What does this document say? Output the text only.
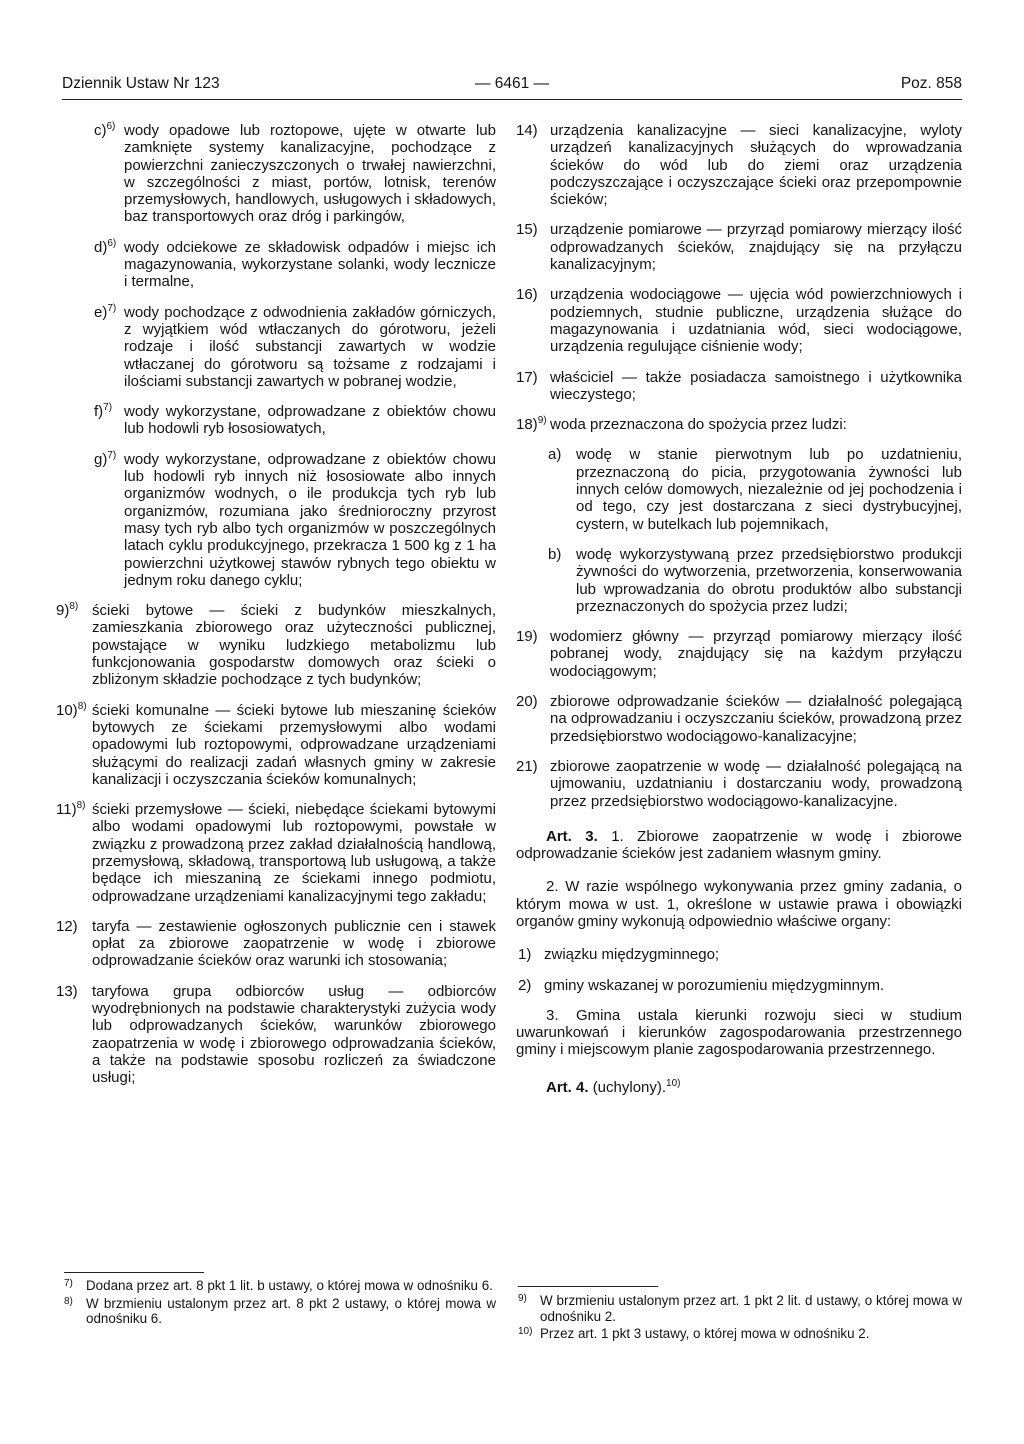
Dziennik Ustaw Nr 123	— 6461 —	Poz. 858
c)$^{6)}$ wody opadowe lub roztopowe, ujęte w otwarte lub zamknięte systemy kanalizacyjne, pochodzące z powierzchni zanieczyszczonych o trwałej nawierzchni, w szczególności z miast, portów, lotnisk, terenów przemysłowych, handlowych, usługowych i składowych, baz transportowych oraz dróg i parkingów,
d)$^{6)}$ wody odciekowe ze składowisk odpadów i miejsc ich magazynowania, wykorzystane solanki, wody lecznicze i termalne,
e)$^{7)}$ wody pochodzące z odwodnienia zakładów górniczych, z wyjątkiem wód wtłaczanych do górotworu, jeżeli rodzaje i ilość substancji zawartych w wodzie wtłaczanej do górotworu są tożsame z rodzajami i ilościami substancji zawartych w pobranej wodzie,
f)$^{7)}$ wody wykorzystane, odprowadzane z obiektów chowu lub hodowli ryb łososiowatych,
g)$^{7)}$ wody wykorzystane, odprowadzane z obiektów chowu lub hodowli ryb innych niż łososiowate albo innych organizmów wodnych, o ile produkcja tych ryb lub organizmów, rozumiana jako średnioroczny przyrost masy tych ryb albo tych organizmów w poszczególnych latach cyklu produkcyjnego, przekracza 1 500 kg z 1 ha powierzchni użytkowej stawów rybnych tego obiektu w jednym roku danego cyklu;
9)$^{8)}$ ścieki bytowe — ścieki z budynków mieszkalnych, zamieszkania zbiorowego oraz użyteczności publicznej, powstające w wyniku ludzkiego metabolizmu lub funkcjonowania gospodarstw domowych oraz ścieki o zbliżonym składzie pochodzące z tych budynków;
10)$^{8)}$ ścieki komunalne — ścieki bytowe lub mieszaninę ścieków bytowych ze ściekami przemysłowymi albo wodami opadowymi lub roztopowymi, odprowadzane urządzeniami służącymi do realizacji zadań własnych gminy w zakresie kanalizacji i oczyszczania ścieków komunalnych;
11)$^{8)}$ ścieki przemysłowe — ścieki, niebędące ściekami bytowymi albo wodami opadowymi lub roztopowymi, powstałe w związku z prowadzoną przez zakład działalnością handlową, przemysłową, składową, transportową lub usługową, a także będące ich mieszaniną ze ściekami innego podmiotu, odprowadzane urządzeniami kanalizacyjnymi tego zakładu;
12) taryfa — zestawienie ogłoszonych publicznie cen i stawek opłat za zbiorowe zaopatrzenie w wodę i zbiorowe odprowadzanie ścieków oraz warunki ich stosowania;
13) taryfowa grupa odbiorców usług — odbiorców wyodrębnionych na podstawie charakterystyki zużycia wody lub odprowadzanych ścieków, warunków zbiorowego zaopatrzenia w wodę i zbiorowego odprowadzania ścieków, a także na podstawie sposobu rozliczeń za świadczone usługi;
14) urządzenia kanalizacyjne — sieci kanalizacyjne, wyloty urządzeń kanalizacyjnych służących do wprowadzania ścieków do wód lub do ziemi oraz urządzenia podczyszczające i oczyszczające ścieki oraz przepompownie ścieków;
15) urządzenie pomiarowe — przyrząd pomiarowy mierzący ilość odprowadzanych ścieków, znajdujący się na przyłączu kanalizacyjnym;
16) urządzenia wodociągowe — ujęcia wód powierzchniowych i podziemnych, studnie publiczne, urządzenia służące do magazynowania i uzdatniania wód, sieci wodociągowe, urządzenia regulujące ciśnienie wody;
17) właściciel — także posiadacza samoistnego i użytkownika wieczystego;
18)$^{9)}$ woda przeznaczona do spożycia przez ludzi:
a) wodę w stanie pierwotnym lub po uzdatnieniu, przeznaczoną do picia, przygotowania żywności lub innych celów domowych, niezależnie od jej pochodzenia i od tego, czy jest dostarczana z sieci dystrybucyjnej, cystern, w butelkach lub pojemnikach,
b) wodę wykorzystywaną przez przedsiębiorstwo produkcji żywności do wytworzenia, przetworzenia, konserwowania lub wprowadzania do obrotu produktów albo substancji przeznaczonych do spożycia przez ludzi;
19) wodomierz główny — przyrząd pomiarowy mierzący ilość pobranej wody, znajdujący się na każdym przyłączu wodociągowym;
20) zbiorowe odprowadzanie ścieków — działalność polegającą na odprowadzaniu i oczyszczaniu ścieków, prowadzoną przez przedsiębiorstwo wodociągowo-kanalizacyjne;
21) zbiorowe zaopatrzenie w wodę — działalność polegającą na ujmowaniu, uzdatnianiu i dostarczaniu wody, prowadzoną przez przedsiębiorstwo wodociągowo-kanalizacyjne.

Art. 3. 1. Zbiorowe zaopatrzenie w wodę i zbiorowe odprowadzanie ścieków jest zadaniem własnym gminy.

2. W razie wspólnego wykonywania przez gminy zadania, o którym mowa w ust. 1, określone w ustawie prawa i obowiązki organów gminy wykonują odpowiednio właściwe organy:

1) związku międzygminnego;
2) gminy wskazanej w porozumieniu międzygminnym.

3. Gmina ustala kierunki rozwoju sieci w studium uwarunkowań i kierunków zagospodarowania przestrzennego gminy i miejscowym planie zagospodarowania przestrzennego.

Art. 4. (uchylony).$^{10)}$

7) Dodana przez art. 8 pkt 1 lit. b ustawy, o której mowa w odnośniku 6.
8) W brzmieniu ustalonym przez art. 8 pkt 2 ustawy, o której mowa w odnośniku 6.
9) W brzmieniu ustalonym przez art. 1 pkt 2 lit. d ustawy, o której mowa w odnośniku 2.
10) Przez art. 1 pkt 3 ustawy, o której mowa w odnośniku 2.
